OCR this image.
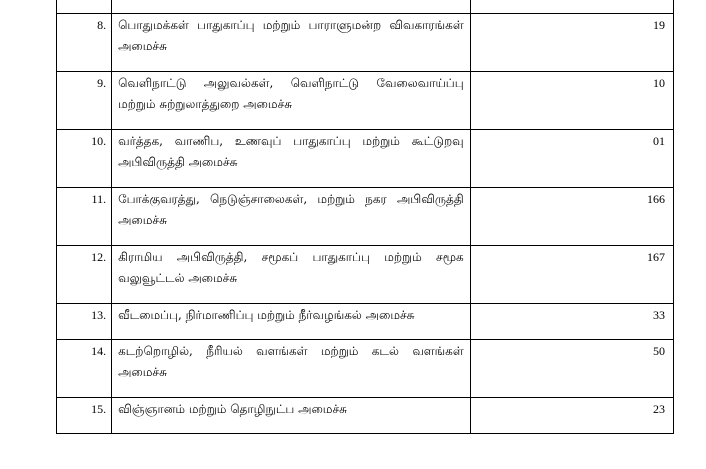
8.	பொதுமக்கள் பாதுகாப்பு மற்றும் பாராளுமன்ற விவகாரங்கள் அமைச்சு	19
9.	வெளிநாட்டு அலுவல்கள், வெளிநாட்டு வேலைவாய்ப்பு மற்றும் சுற்றுலாத்துறை அமைச்சு	10
10.	வர்த்தக, வாணிப, உணவுப் பாதுகாப்பு மற்றும் கூட்டுறவு அபிவிருத்தி அமைச்சு	01
11.	போக்குவரத்து, நெடுஞ்சாலைகள், மற்றும் நகர அபிவிருத்தி அமைச்சு	166
12.	கிராமிய அபிவிருத்தி, சமூகப் பாதுகாப்பு மற்றும் சமூக வலுவூட்டல் அமைச்சு	167
13.	வீடமைப்பு, நிர்மாணிப்பு மற்றும் நீர்வழங்கல் அமைச்சு	33
14.	கடற்றொழில், நீரியல் வளங்கள் மற்றும் கடல் வளங்கள் அமைச்சு	50
15.	விஞ்ஞானம் மற்றும் தொழிநுட்ப அமைச்சு	23
